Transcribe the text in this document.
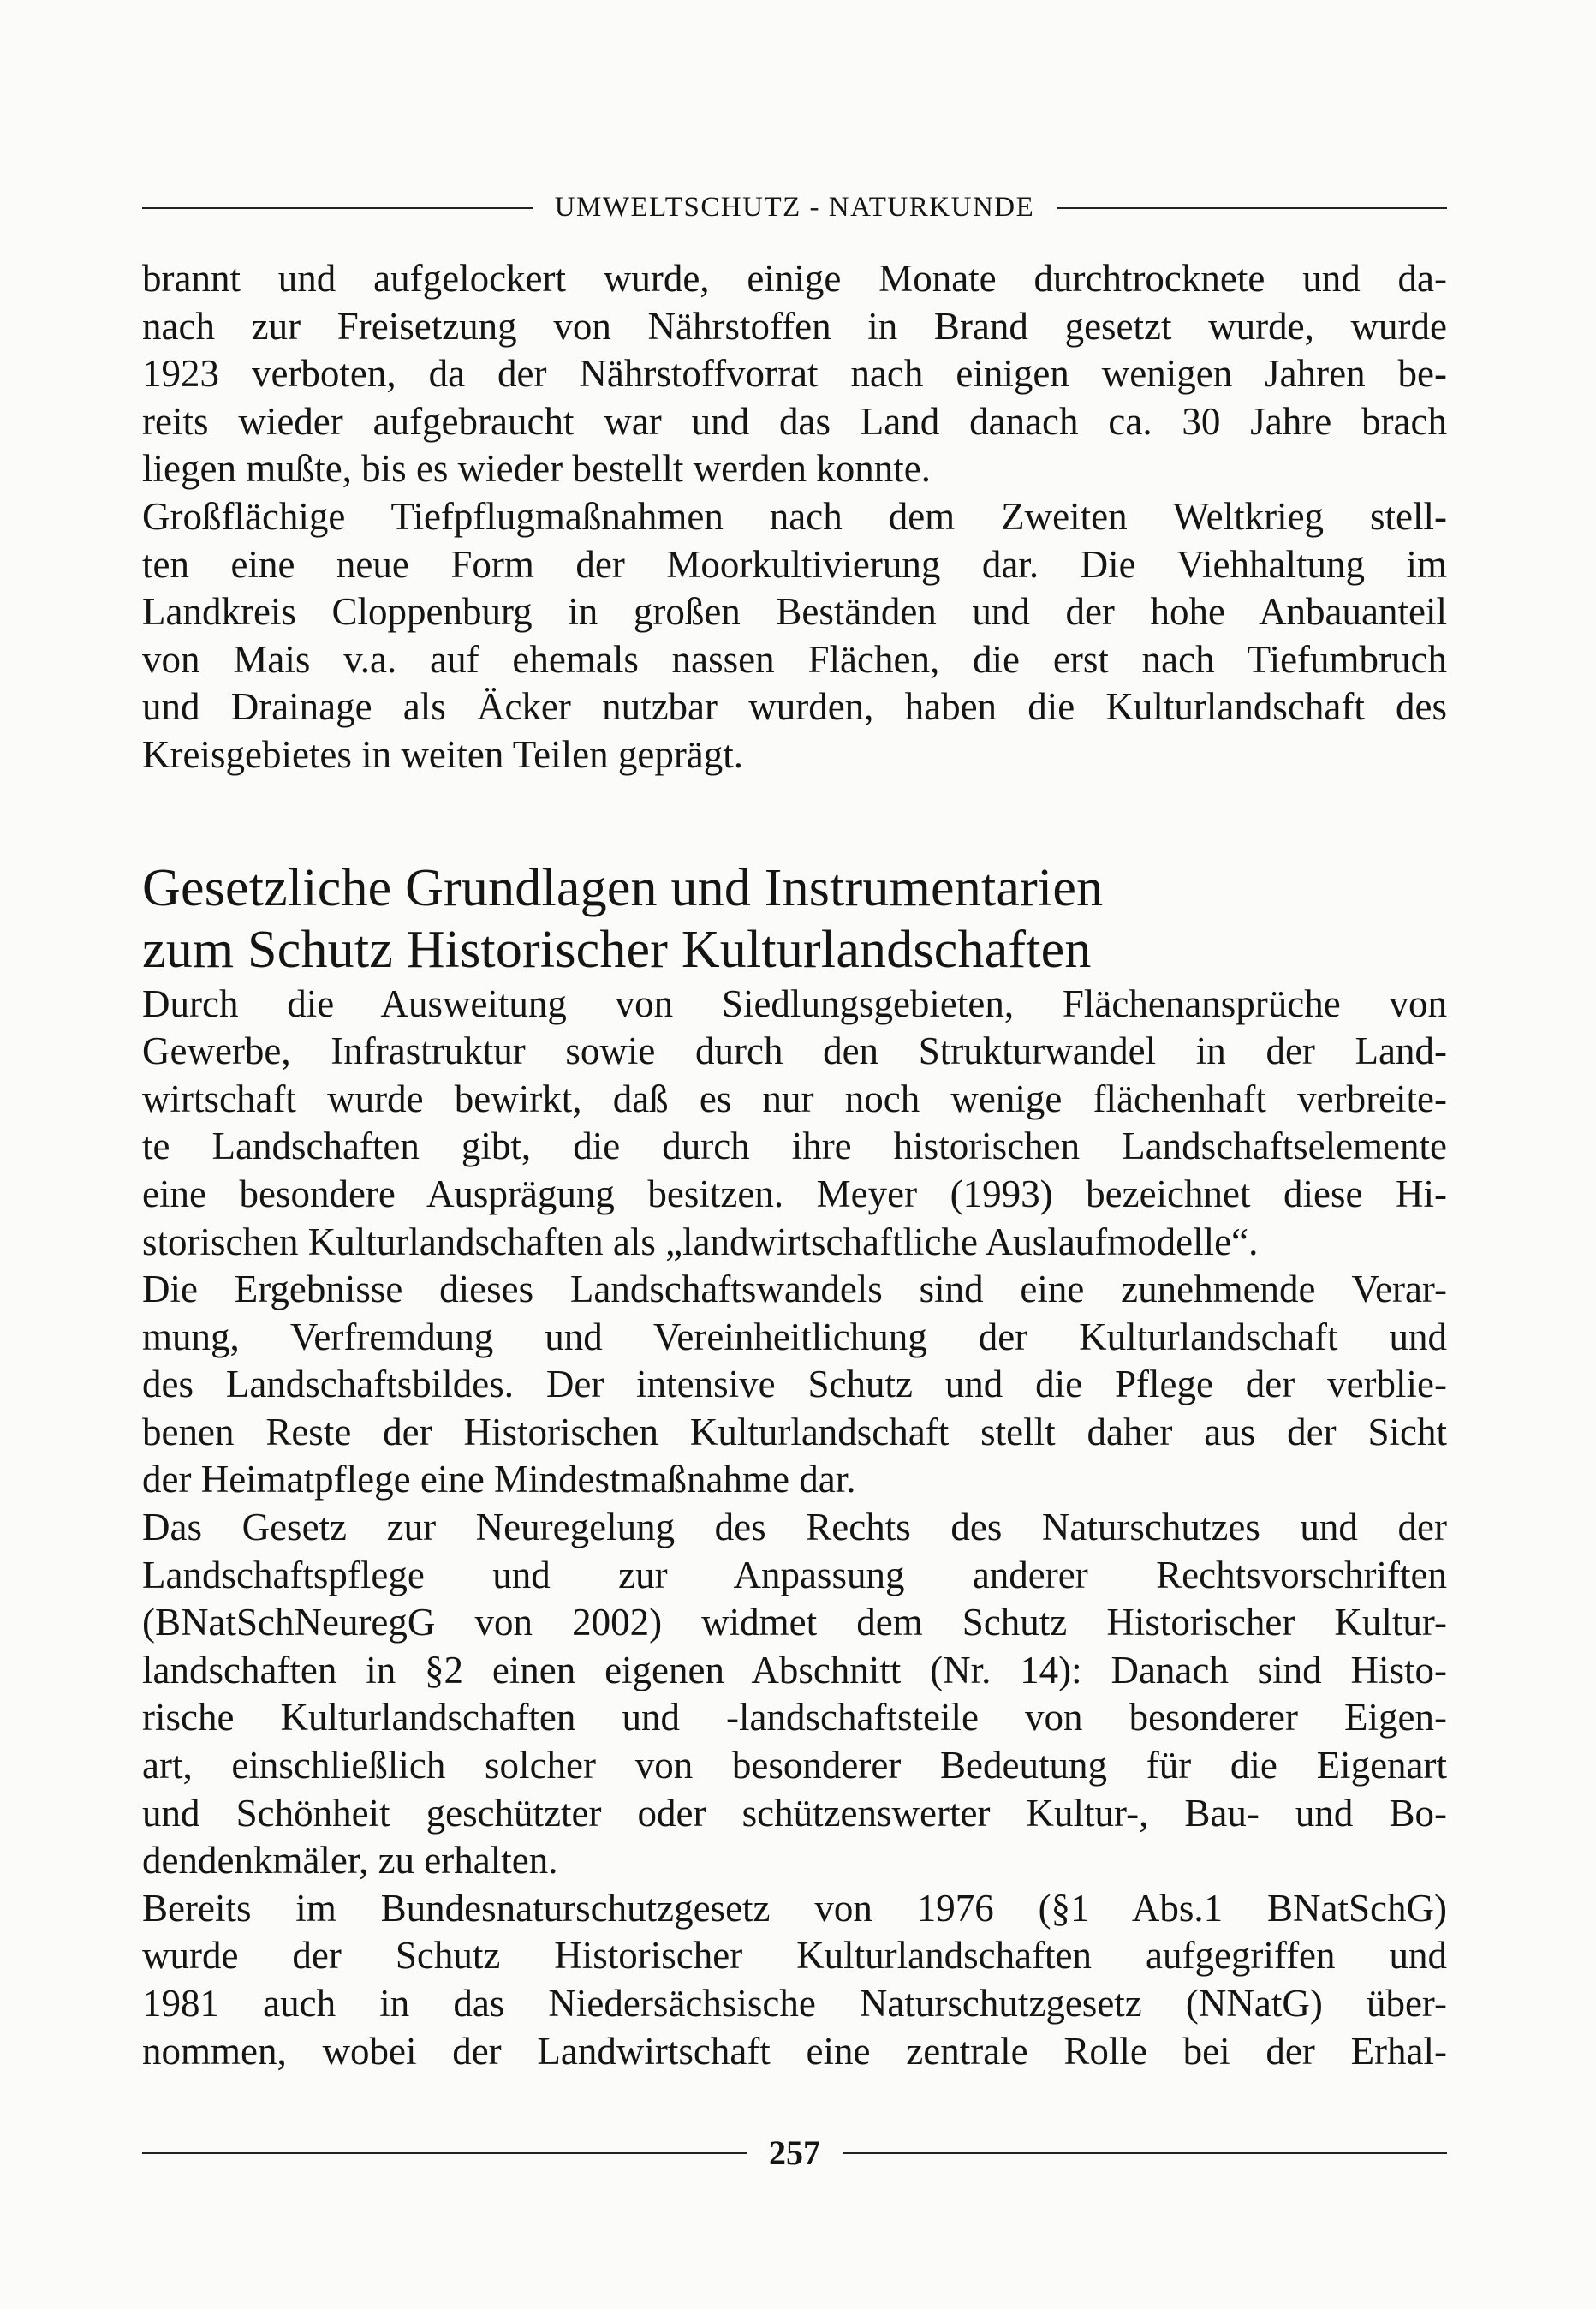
UMWELTSCHUTZ - NATURKUNDE

brannt und aufgelockert wurde, einige Monate durchtrocknete und da-
nach zur Freisetzung von Nährstoffen in Brand gesetzt wurde, wurde
1923 verboten, da der Nährstoffvorrat nach einigen wenigen Jahren be-
reits wieder aufgebraucht war und das Land danach ca. 30 Jahre brach
liegen mußte, bis es wieder bestellt werden konnte.

Großflächige Tiefpflugmaßnahmen nach dem Zweiten Weltkrieg stell-
ten eine neue Form der Moorkultivierung dar. Die Viehhaltung im
Landkreis Cloppenburg in großen Beständen und der hohe Anbauanteil
von Mais v.a. auf ehemals nassen Flächen, die erst nach Tiefumbruch
und Drainage als Äcker nutzbar wurden, haben die Kulturlandschaft des
Kreisgebietes in weiten Teilen geprägt.

Gesetzliche Grundlagen und Instrumentarien
zum Schutz Historischer Kulturlandschaften

Durch die Ausweitung von Siedlungsgebieten, Flächenansprüche von
Gewerbe, Infrastruktur sowie durch den Strukturwandel in der Land-
wirtschaft wurde bewirkt, daß es nur noch wenige flächenhaft verbreite-
te Landschaften gibt, die durch ihre historischen Landschaftselemente
eine besondere Ausprägung besitzen. Meyer (1993) bezeichnet diese Hi-
storischen Kulturlandschaften als „landwirtschaftliche Auslaufmodelle“.

Die Ergebnisse dieses Landschaftswandels sind eine zunehmende Verar-
mung, Verfremdung und Vereinheitlichung der Kulturlandschaft und
des Landschaftsbildes. Der intensive Schutz und die Pflege der verblie-
benen Reste der Historischen Kulturlandschaft stellt daher aus der Sicht
der Heimatpflege eine Mindestmaßnahme dar.

Das Gesetz zur Neuregelung des Rechts des Naturschutzes und der
Landschaftspflege und zur Anpassung anderer Rechtsvorschriften
(BNatSchNeuregG von 2002) widmet dem Schutz Historischer Kultur-
landschaften in §2 einen eigenen Abschnitt (Nr. 14): Danach sind Histo-
rische Kulturlandschaften und -landschaftsteile von besonderer Eigen-
art, einschließlich solcher von besonderer Bedeutung für die Eigenart
und Schönheit geschützter oder schützenswerter Kultur-, Bau- und Bo-
dendenkmäler, zu erhalten.

Bereits im Bundesnaturschutzgesetz von 1976 (§1 Abs.1 BNatSchG)
wurde der Schutz Historischer Kulturlandschaften aufgegriffen und
1981 auch in das Niedersächsische Naturschutzgesetz (NNatG) über-
nommen, wobei der Landwirtschaft eine zentrale Rolle bei der Erhal-

257
